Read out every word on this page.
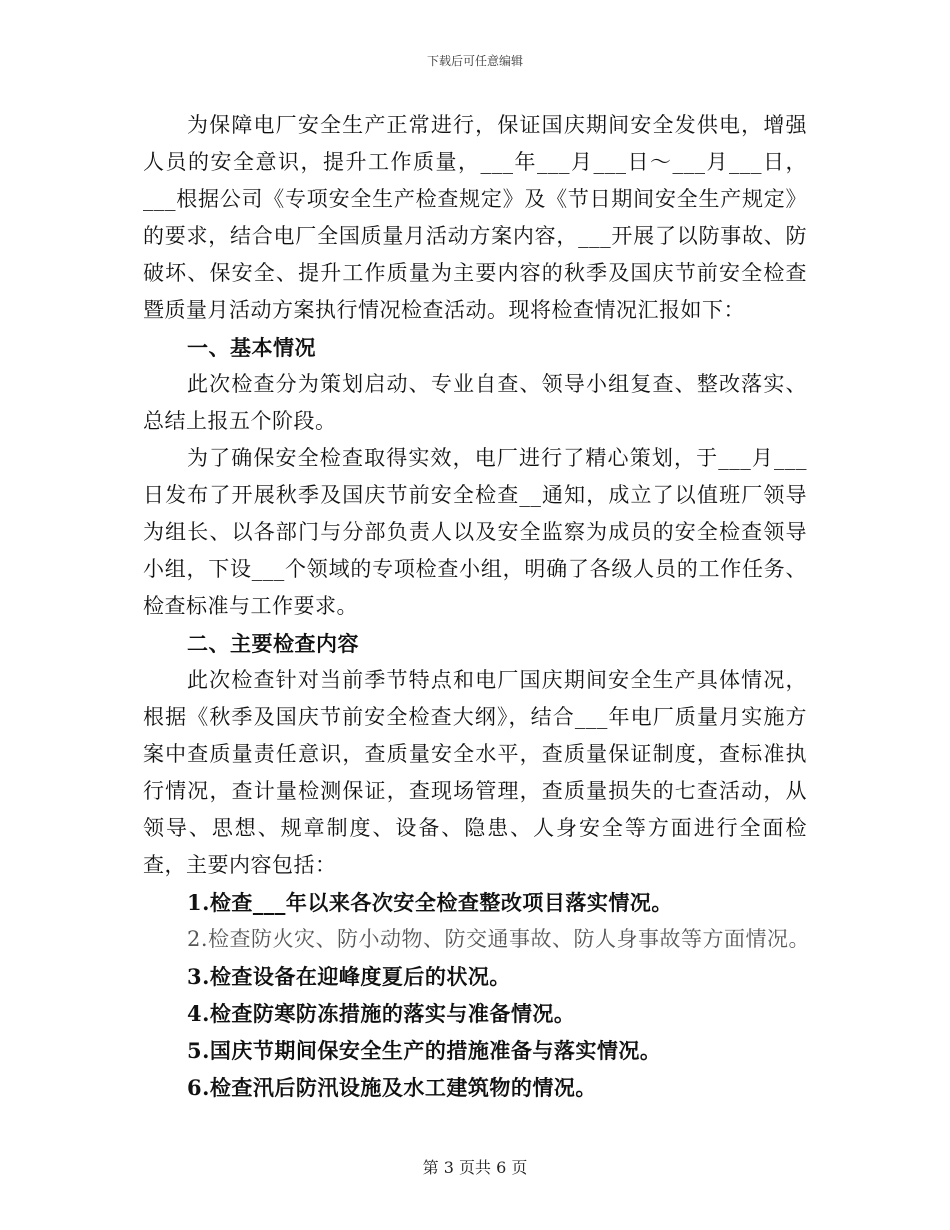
下载后可任意编辑

为保障电厂安全生产正常进行，保证国庆期间安全发供电，增强人员的安全意识，提升工作质量，___年___月___日～___月___日，___根据公司《专项安全生产检查规定》及《节日期间安全生产规定》的要求，结合电厂全国质量月活动方案内容，___开展了以防事故、防破坏、保安全、提升工作质量为主要内容的秋季及国庆节前安全检查暨质量月活动方案执行情况检查活动。现将检查情况汇报如下：

一、基本情况

此次检查分为策划启动、专业自查、领导小组复查、整改落实、总结上报五个阶段。

为了确保安全检查取得实效，电厂进行了精心策划，于___月___日发布了开展秋季及国庆节前安全检查__通知，成立了以值班厂领导为组长、以各部门与分部负责人以及安全监察为成员的安全检查领导小组，下设___个领域的专项检查小组，明确了各级人员的工作任务、检查标准与工作要求。

二、主要检查内容

此次检查针对当前季节特点和电厂国庆期间安全生产具体情况，根据《秋季及国庆节前安全检查大纲》，结合___年电厂质量月实施方案中查质量责任意识，查质量安全水平，查质量保证制度，查标准执行情况，查计量检测保证，查现场管理，查质量损失的七查活动，从领导、思想、规章制度、设备、隐患、人身安全等方面进行全面检查，主要内容包括：

1.检查___年以来各次安全检查整改项目落实情况。

2.检查防火灾、防小动物、防交通事故、防人身事故等方面情况。

3.检查设备在迎峰度夏后的状况。

4.检查防寒防冻措施的落实与准备情况。

5.国庆节期间保安全生产的措施准备与落实情况。

6.检查汛后防汛设施及水工建筑物的情况。

第 3 页共 6 页
